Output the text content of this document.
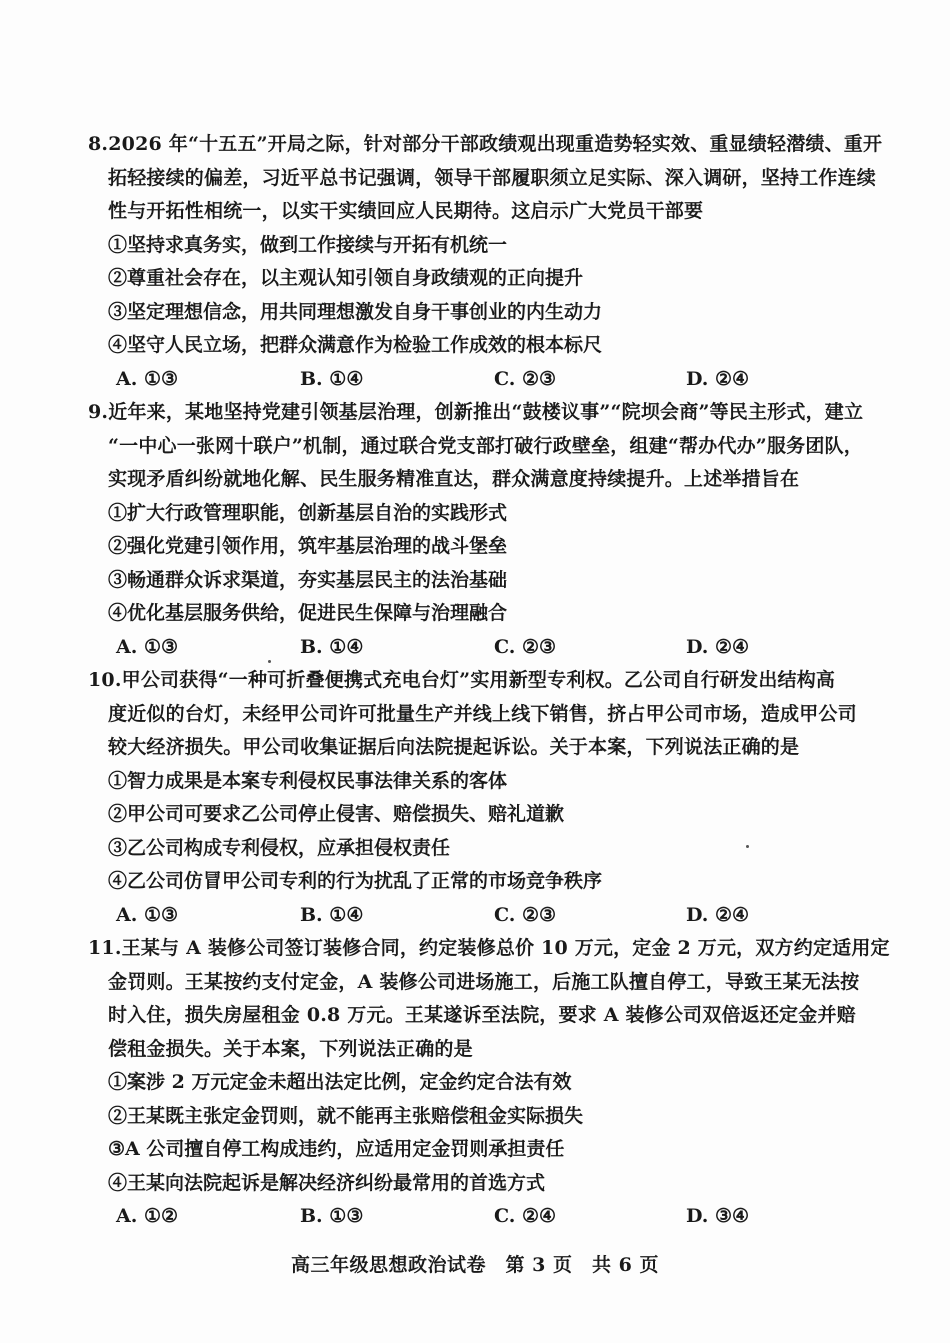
8.2026 年“十五五”开局之际，针对部分干部政绩观出现重造势轻实效、重显绩轻潜绩、重开
拓轻接续的偏差，习近平总书记强调，领导干部履职须立足实际、深入调研，坚持工作连续
性与开拓性相统一，以实干实绩回应人民期待。这启示广大党员干部要
①坚持求真务实，做到工作接续与开拓有机统一
②尊重社会存在，以主观认知引领自身政绩观的正向提升
③坚定理想信念，用共同理想激发自身干事创业的内生动力
④坚守人民立场，把群众满意作为检验工作成效的根本标尺
A. ①③	B. ①④	C. ②③	D. ②④
9.近年来，某地坚持党建引领基层治理，创新推出“鼓楼议事”“院坝会商”等民主形式，建立
“一中心一张网十联户”机制，通过联合党支部打破行政壁垒，组建“帮办代办”服务团队，
实现矛盾纠纷就地化解、民生服务精准直达，群众满意度持续提升。上述举措旨在
①扩大行政管理职能，创新基层自治的实践形式
②强化党建引领作用，筑牢基层治理的战斗堡垒
③畅通群众诉求渠道，夯实基层民主的法治基础
④优化基层服务供给，促进民生保障与治理融合
A. ①③	B. ①④	C. ②③	D. ②④
10.甲公司获得“一种可折叠便携式充电台灯”实用新型专利权。乙公司自行研发出结构高
度近似的台灯，未经甲公司许可批量生产并线上线下销售，挤占甲公司市场，造成甲公司
较大经济损失。甲公司收集证据后向法院提起诉讼。关于本案，下列说法正确的是
①智力成果是本案专利侵权民事法律关系的客体
②甲公司可要求乙公司停止侵害、赔偿损失、赔礼道歉
③乙公司构成专利侵权，应承担侵权责任
④乙公司仿冒甲公司专利的行为扰乱了正常的市场竞争秩序
A. ①③	B. ①④	C. ②③	D. ②④
11.王某与 A 装修公司签订装修合同，约定装修总价 10 万元，定金 2 万元，双方约定适用定
金罚则。王某按约支付定金，A 装修公司进场施工，后施工队擅自停工，导致王某无法按
时入住，损失房屋租金 0.8 万元。王某遂诉至法院，要求 A 装修公司双倍返还定金并赔
偿租金损失。关于本案，下列说法正确的是
①案涉 2 万元定金未超出法定比例，定金约定合法有效
②王某既主张定金罚则，就不能再主张赔偿租金实际损失
③A 公司擅自停工构成违约，应适用定金罚则承担责任
④王某向法院起诉是解决经济纠纷最常用的首选方式
A. ①②	B. ①③	C. ②④	D. ③④
高三年级思想政治试卷　第 3 页　共 6 页
